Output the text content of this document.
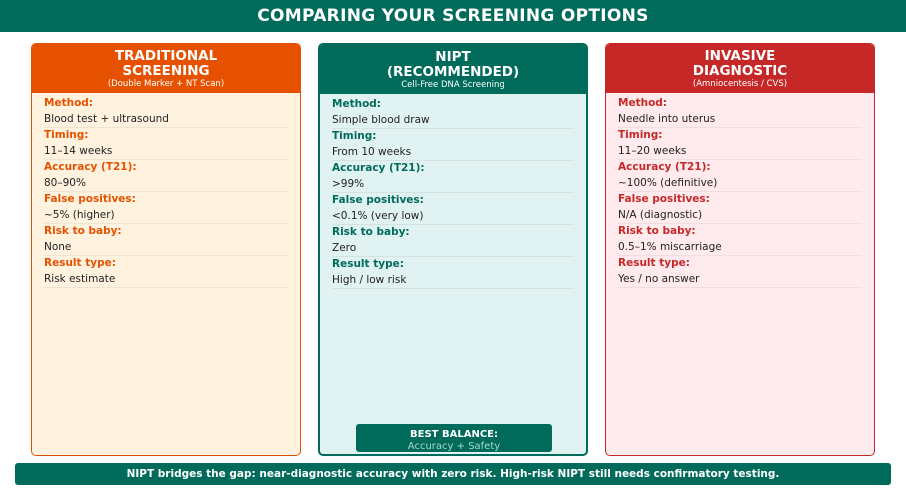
COMPARING YOUR SCREENING OPTIONS
TRADITIONAL
SCREENING
(Double Marker + NT Scan)
Method:
Blood test + ultrasound
Timing:
11–14 weeks
Accuracy (T21):
80–90%
False positives:
~5% (higher)
Risk to baby:
None
Result type:
Risk estimate
NIPT
(RECOMMENDED)
Cell-Free DNA Screening
Method:
Simple blood draw
Timing:
From 10 weeks
Accuracy (T21):
>99%
False positives:
<0.1% (very low)
Risk to baby:
Zero
Result type:
High / low risk
BEST BALANCE:
Accuracy + Safety
INVASIVE
DIAGNOSTIC
(Amniocentesis / CVS)
Method:
Needle into uterus
Timing:
11–20 weeks
Accuracy (T21):
~100% (definitive)
False positives:
N/A (diagnostic)
Risk to baby:
0.5–1% miscarriage
Result type:
Yes / no answer
NIPT bridges the gap: near-diagnostic accuracy with zero risk. High-risk NIPT still needs confirmatory testing.
